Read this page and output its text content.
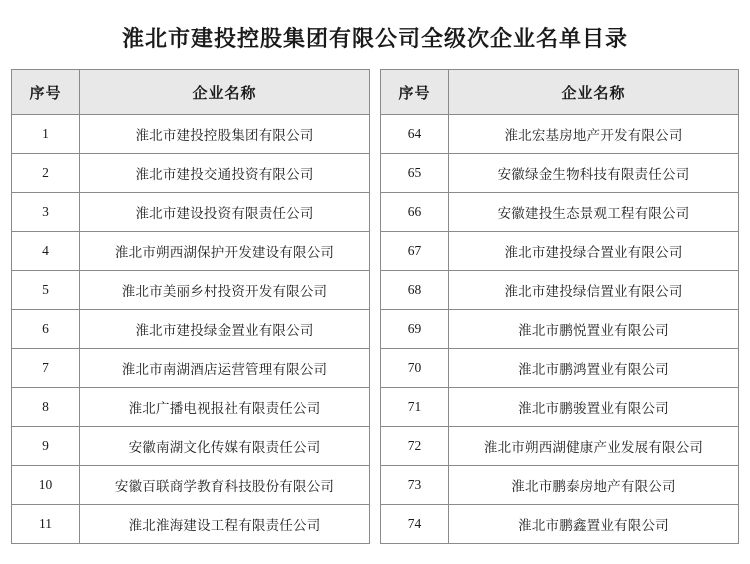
淮北市建投控股集团有限公司全级次企业名单目录
序号	企业名称
1	淮北市建投控股集团有限公司
2	淮北市建投交通投资有限公司
3	淮北市建设投资有限责任公司
4	淮北市朔西湖保护开发建设有限公司
5	淮北市美丽乡村投资开发有限公司
6	淮北市建投绿金置业有限公司
7	淮北市南湖酒店运营管理有限公司
8	淮北广播电视报社有限责任公司
9	安徽南湖文化传媒有限责任公司
10	安徽百联商学教育科技股份有限公司
11	淮北淮海建设工程有限责任公司
序号	企业名称
64	淮北宏基房地产开发有限公司
65	安徽绿金生物科技有限责任公司
66	安徽建投生态景观工程有限公司
67	淮北市建投绿合置业有限公司
68	淮北市建投绿信置业有限公司
69	淮北市鹏悦置业有限公司
70	淮北市鹏鸿置业有限公司
71	淮北市鹏骏置业有限公司
72	淮北市朔西湖健康产业发展有限公司
73	淮北市鹏泰房地产有限公司
74	淮北市鹏鑫置业有限公司
